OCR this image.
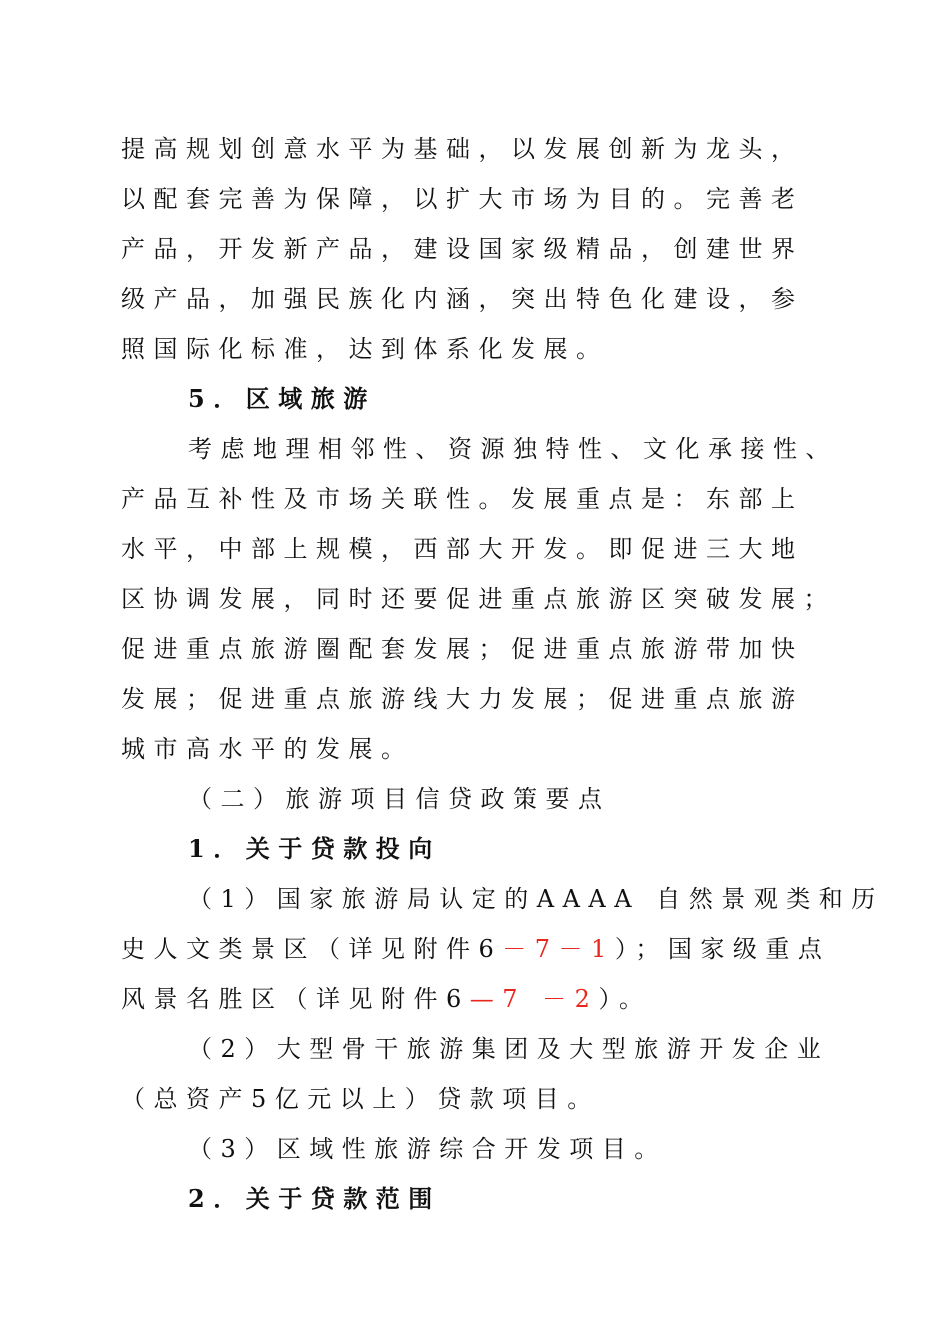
提高规划创意水平为基础，以发展创新为龙头，
以配套完善为保障，以扩大市场为目的。完善老
产品，开发新产品，建设国家级精品，创建世界
级产品，加强民族化内涵，突出特色化建设，参
照国际化标准，达到体系化发展。
5．区域旅游
考虑地理相邻性、资源独特性、文化承接性、
产品互补性及市场关联性。发展重点是：东部上
水平，中部上规模，西部大开发。即促进三大地
区协调发展，同时还要促进重点旅游区突破发展；
促进重点旅游圈配套发展；促进重点旅游带加快
发展；促进重点旅游线大力发展；促进重点旅游
城市高水平的发展。
（二）旅游项目信贷政策要点
1．关于贷款投向
（1）国家旅游局认定的AAAA 自然景观类和历
史人文类景区（详见附件6－7－1）；国家级重点
风景名胜区（详见附件6—7 －2）。
（2）大型骨干旅游集团及大型旅游开发企业
（总资产5亿元以上）贷款项目。
（3）区域性旅游综合开发项目。
2．关于贷款范围
